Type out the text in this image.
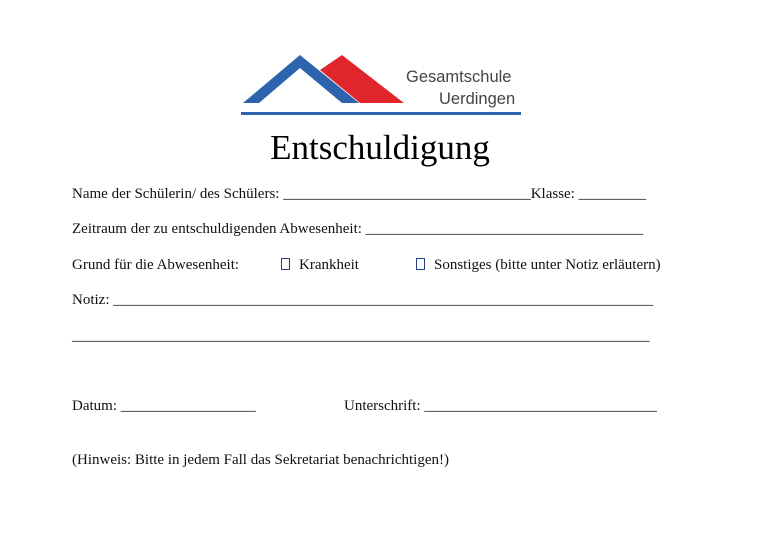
Gesamtschule
Uerdingen
Entschuldigung
Name der Schülerin/ des Schülers: _________________________________Klasse: _________
Zeitraum der zu entschuldigenden Abwesenheit: _____________________________________
Grund für die Abwesenheit:	Krankheit	Sonstiges (bitte unter Notiz erläutern)
Notiz: ________________________________________________________________________
_____________________________________________________________________________
Datum: __________________	Unterschrift: _______________________________
(Hinweis: Bitte in jedem Fall das Sekretariat benachrichtigen!)
